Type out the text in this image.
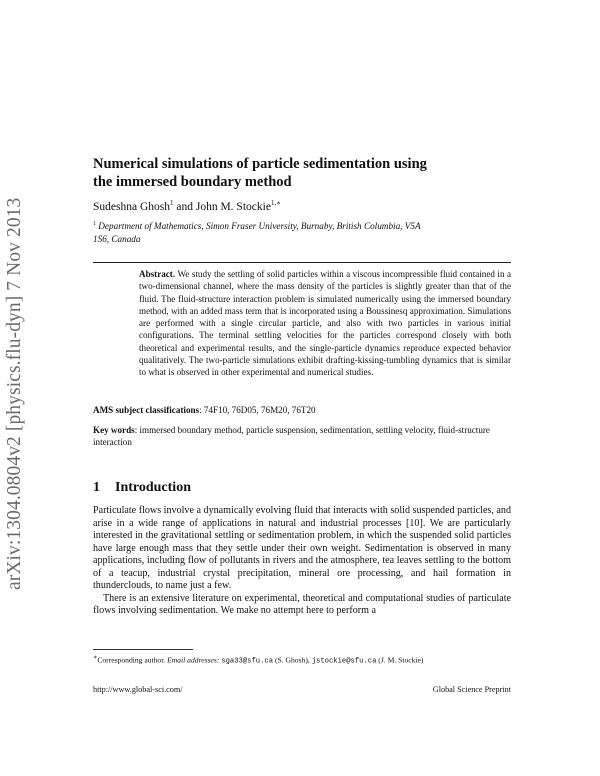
arXiv:1304.0804v2 [physics.flu-dyn] 7 Nov 2013
Numerical simulations of particle sedimentation using the immersed boundary method
Sudeshna Ghosh$^1$ and John M. Stockie$^{1,∗}$
$^1$ Department of Mathematics, Simon Fraser University, Burnaby, British Columbia, V5A 1S6, Canada
Abstract. We study the settling of solid particles within a viscous incompressible fluid contained in a two-dimensional channel, where the mass density of the particles is slightly greater than that of the fluid. The fluid-structure interaction problem is simulated numerically using the immersed boundary method, with an added mass term that is incorporated using a Boussinesq approximation. Simulations are performed with a single circular particle, and also with two particles in various initial configurations. The terminal settling velocities for the particles correspond closely with both theoretical and experimental results, and the single-particle dynamics reproduce expected behavior qualitatively. The two-particle simulations exhibit drafting-kissing-tumbling dynamics that is similar to what is observed in other experimental and numerical studies.
AMS subject classifications: 74F10, 76D05, 76M20, 76T20
Key words: immersed boundary method, particle suspension, sedimentation, settling velocity, fluid-structure interaction
1 Introduction

Particulate flows involve a dynamically evolving fluid that interacts with solid suspended particles, and arise in a wide range of applications in natural and industrial processes [10]. We are particularly interested in the gravitational settling or sedimentation problem, in which the suspended solid particles have large enough mass that they settle under their own weight. Sedimentation is observed in many applications, including flow of pollutants in rivers and the atmosphere, tea leaves settling to the bottom of a teacup, industrial crystal precipitation, mineral ore processing, and hail formation in thunderclouds, to name just a few.

There is an extensive literature on experimental, theoretical and computational studies of particulate flows involving sedimentation. We make no attempt here to perform a

∗Corresponding author. Email addresses: sga33@sfu.ca (S. Ghosh), jstockie@sfu.ca (J. M. Stockie)
http://www.global-sci.com/	Global Science Preprint
